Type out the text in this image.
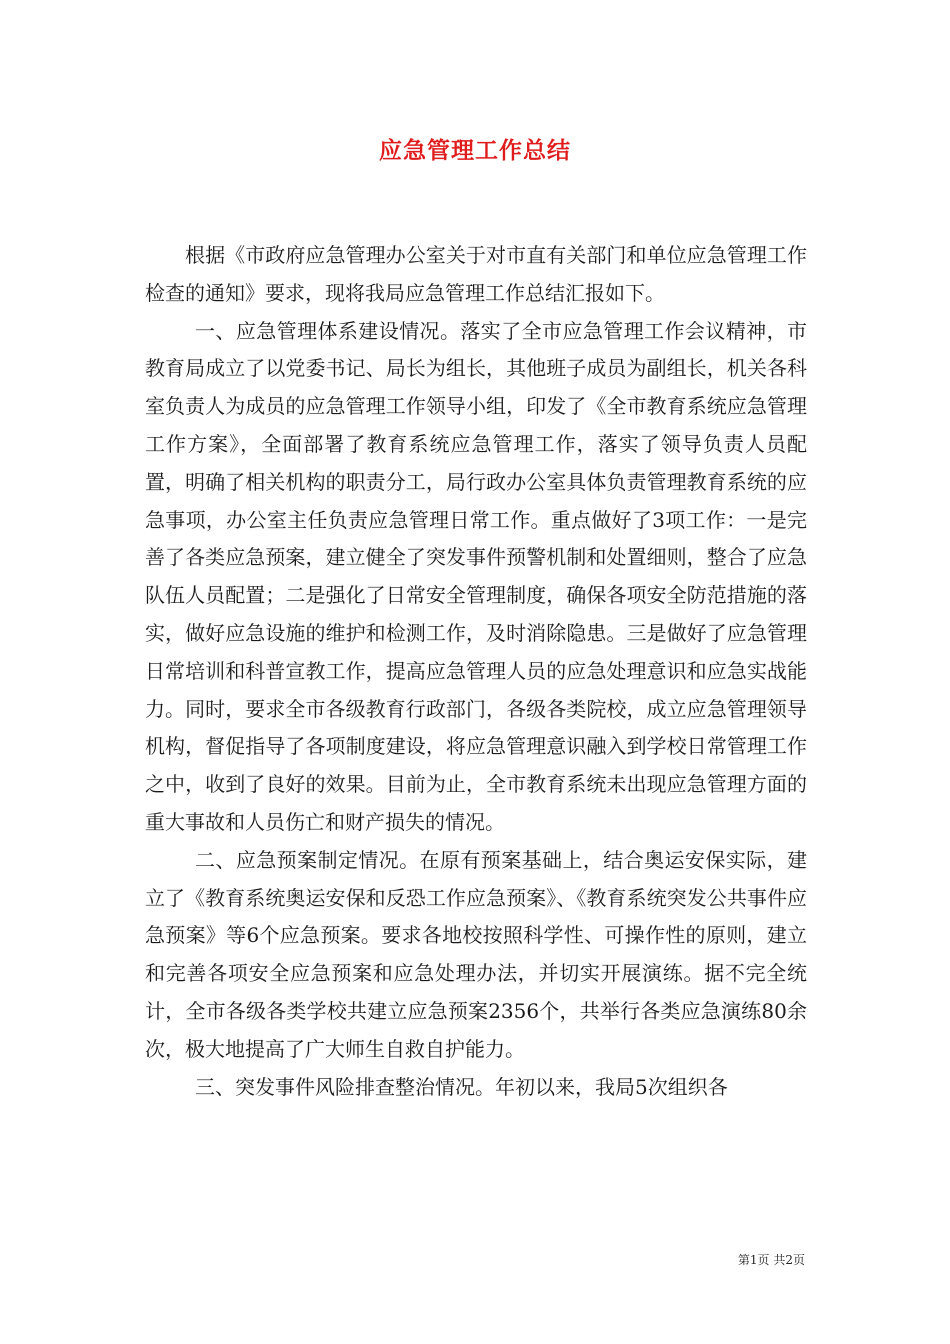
应急管理工作总结

根据《市政府应急管理办公室关于对市直有关部门和单位应急管理工作检查的通知》要求，现将我局应急管理工作总结汇报如下。

一、应急管理体系建设情况。落实了全市应急管理工作会议精神，市教育局成立了以党委书记、局长为组长，其他班子成员为副组长，机关各科室负责人为成员的应急管理工作领导小组，印发了《全市教育系统应急管理工作方案》，全面部署了教育系统应急管理工作，落实了领导负责人员配置，明确了相关机构的职责分工，局行政办公室具体负责管理教育系统的应急事项，办公室主任负责应急管理日常工作。重点做好了3项工作：一是完善了各类应急预案，建立健全了突发事件预警机制和处置细则，整合了应急队伍人员配置；二是强化了日常安全管理制度，确保各项安全防范措施的落实，做好应急设施的维护和检测工作，及时消除隐患。三是做好了应急管理日常培训和科普宣教工作，提高应急管理人员的应急处理意识和应急实战能力。同时，要求全市各级教育行政部门，各级各类院校，成立应急管理领导机构，督促指导了各项制度建设，将应急管理意识融入到学校日常管理工作之中，收到了良好的效果。目前为止，全市教育系统未出现应急管理方面的重大事故和人员伤亡和财产损失的情况。

二、应急预案制定情况。在原有预案基础上，结合奥运安保实际，建立了《教育系统奥运安保和反恐工作应急预案》、《教育系统突发公共事件应急预案》等6个应急预案。要求各地校按照科学性、可操作性的原则，建立和完善各项安全应急预案和应急处理办法，并切实开展演练。据不完全统计，全市各级各类学校共建立应急预案2356个，共举行各类应急演练80余次，极大地提高了广大师生自救自护能力。

三、突发事件风险排查整治情况。年初以来，我局5次组织各

第1页 共2页
